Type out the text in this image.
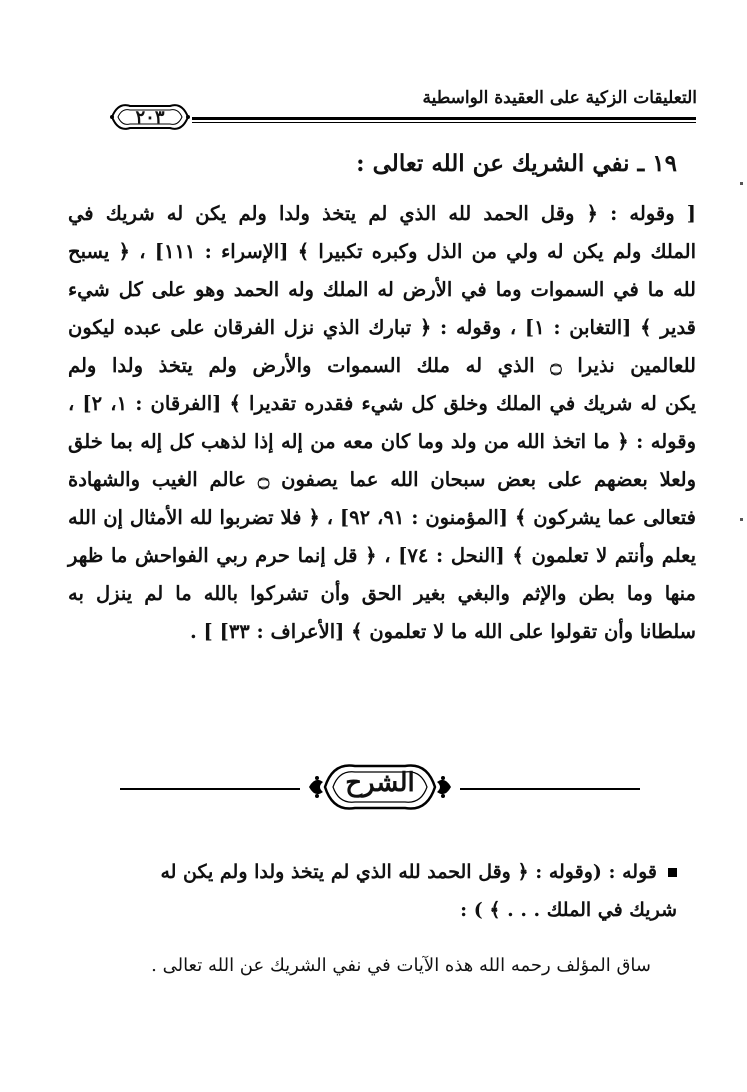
التعليقات الزكية على العقيدة الواسطية
٢٠٣
١٩ ـ نفي الشريك عن الله تعالى :
[ وقوله : ﴿ وقل الحمد لله الذي لم يتخذ ولدا ولم يكن له شريك في
الملك ولم يكن له ولي من الذل وكبره تكبيرا ﴾ [الإسراء : ١١١] ، ﴿ يسبح
لله ما في السموات وما في الأرض له الملك وله الحمد وهو على كل شيء
قدير ﴾ [التغابن : ١] ، وقوله : ﴿ تبارك الذي نزل الفرقان على عبده ليكون
للعالمين نذيرا ۝ الذي له ملك السموات والأرض ولم يتخذ ولدا ولم
يكن له شريك في الملك وخلق كل شيء فقدره تقديرا ﴾ [الفرقان : ١، ٢] ،
وقوله : ﴿ ما اتخذ الله من ولد وما كان معه من إله إذا لذهب كل إله بما خلق
ولعلا بعضهم على بعض سبحان الله عما يصفون ۝ عالم الغيب والشهادة
فتعالى عما يشركون ﴾ [المؤمنون : ٩١، ٩٢] ، ﴿ فلا تضربوا لله الأمثال إن الله
يعلم وأنتم لا تعلمون ﴾ [النحل : ٧٤] ، ﴿ قل إنما حرم ربي الفواحش ما ظهر
منها وما بطن والإثم والبغي بغير الحق وأن تشركوا بالله ما لم ينزل به
سلطانا وأن تقولوا على الله ما لا تعلمون ﴾ [الأعراف : ٣٣] ] .
الشرح
قوله : (وقوله : ﴿ وقل الحمد لله الذي لم يتخذ ولدا ولم يكن له
شريك في الملك . . . ﴾ ) :
ساق المؤلف رحمه الله هذه الآيات في نفي الشريك عن الله تعالى .
